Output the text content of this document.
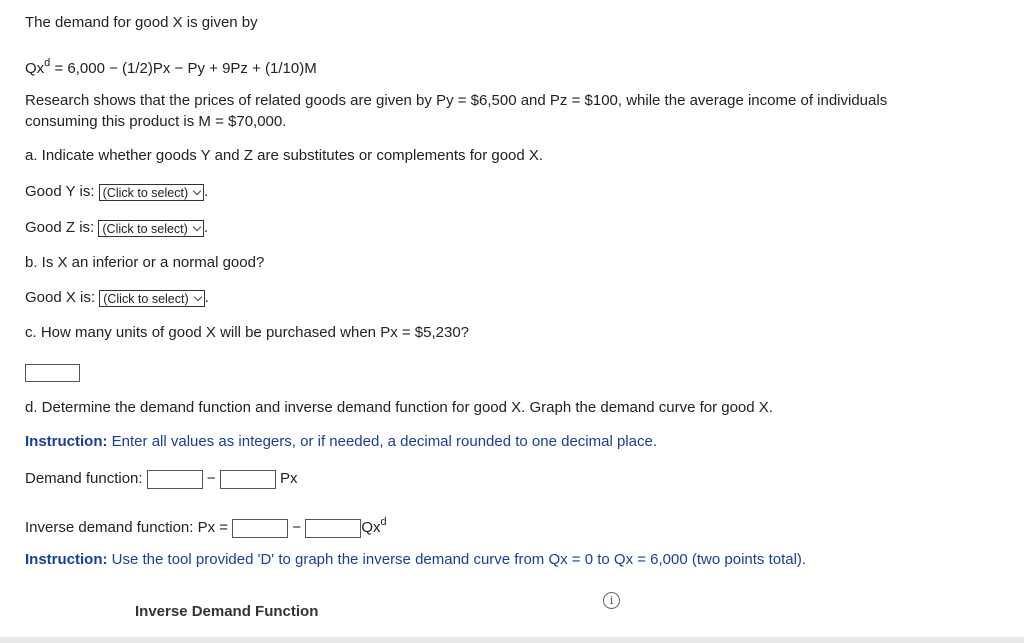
The demand for good X is given by
$Qx^d = 6,000 - (1/2)Px - Py + 9Pz + (1/10)M$
Research shows that the prices of related goods are given by Py = $6,500 and Pz = $100, while the average income of individuals
consuming this product is M = $70,000.
a. Indicate whether goods Y and Z are substitutes or complements for good X.
Good Y is: (Click to select) .
Good Z is: (Click to select) .
b. Is X an inferior or a normal good?
Good X is: (Click to select) .
c. How many units of good X will be purchased when Px = $5,230?
d. Determine the demand function and inverse demand function for good X. Graph the demand curve for good X.
Instruction: Enter all values as integers, or if needed, a decimal rounded to one decimal place.
Demand function:	−	Px
Inverse demand function: Px =	−	$Qx^d$
Instruction: Use the tool provided 'D' to graph the inverse demand curve from Qx = 0 to Qx = 6,000 (two points total).
Inverse Demand Function
i
